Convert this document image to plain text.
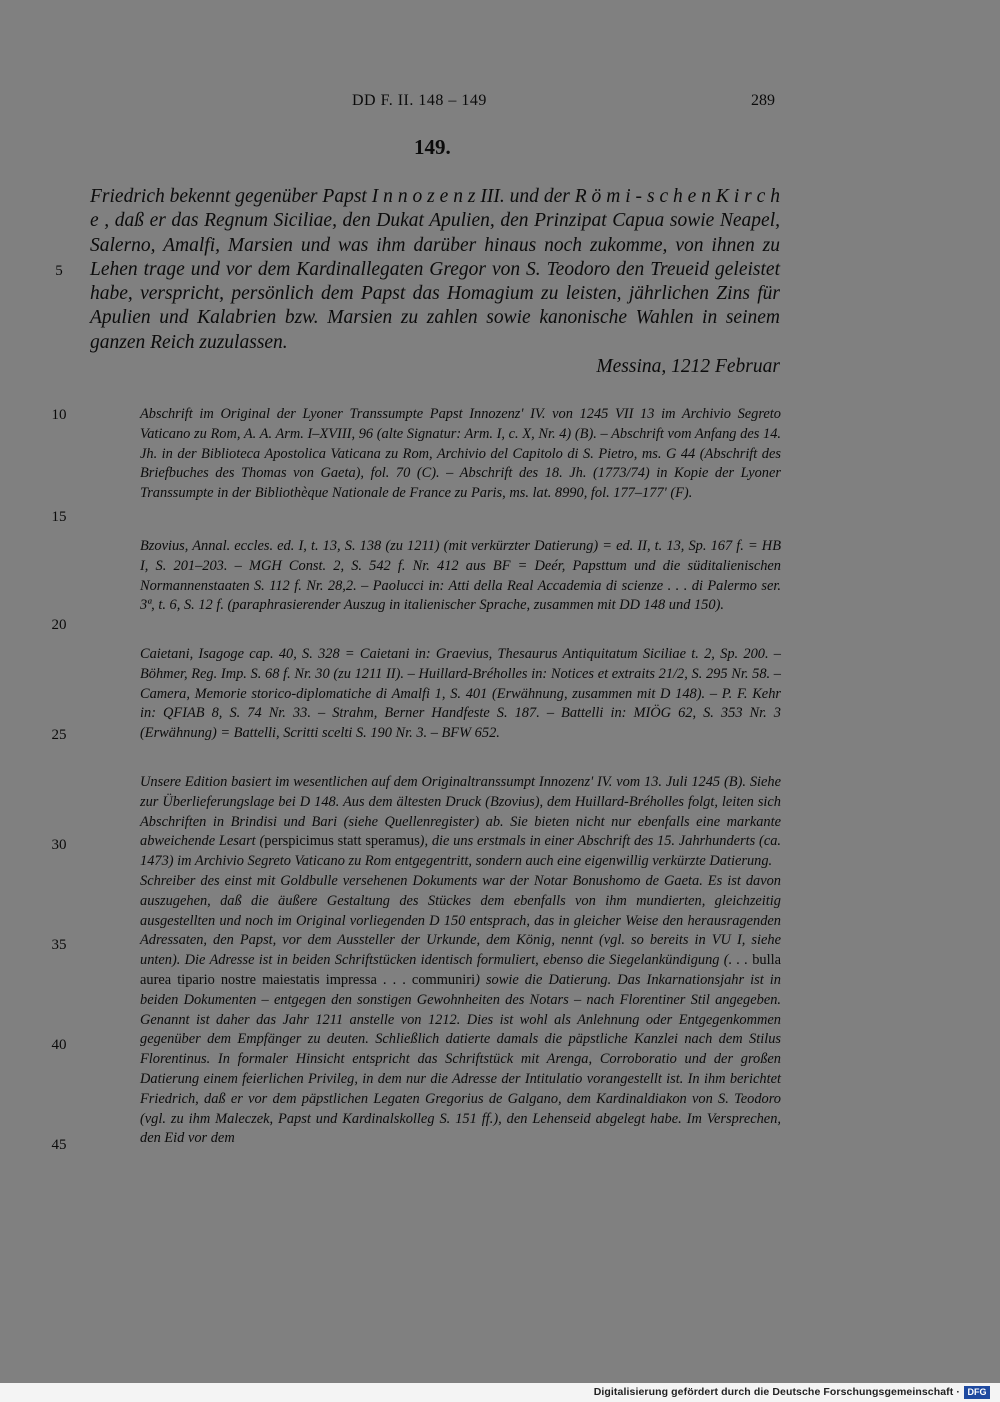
DD F. II. 148 – 149	289
149.
Friedrich bekennt gegenüber Papst I n n o z e n z III. und der R ö m i - s c h e n K i r c h e , daß er das Regnum Siciliae, den Dukat Apulien, den Prinzipat Capua sowie Neapel, Salerno, Amalfi, Marsien und was ihm darüber hinaus noch zukomme, von ihnen zu Lehen trage und vor dem Kardinallegaten Gregor von S. Teodoro den Treueid geleistet habe, verspricht, persönlich dem Papst das Homagium zu leisten, jährlichen Zins für Apulien und Kalabrien bzw. Marsien zu zahlen sowie kanonische Wahlen in seinem ganzen Reich zuzulassen.
Messina, 1212 Februar
5
10
15
20
25
30
35
40
45
Abschrift im Original der Lyoner Transsumpte Papst Innozenz' IV. von 1245 VII 13 im Archivio Segreto Vaticano zu Rom, A. A. Arm. I–XVIII, 96 (alte Signatur: Arm. I, c. X, Nr. 4) (B). – Abschrift vom Anfang des 14. Jh. in der Biblioteca Apostolica Vaticana zu Rom, Archivio del Capitolo di S. Pietro, ms. G 44 (Abschrift des Briefbuches des Thomas von Gaeta), fol. 70 (C). – Abschrift des 18. Jh. (1773/74) in Kopie der Lyoner Transsumpte in der Bibliothèque Nationale de France zu Paris, ms. lat. 8990, fol. 177–177' (F).
Bzovius, Annal. eccles. ed. I, t. 13, S. 138 (zu 1211) (mit verkürzter Datierung) = ed. II, t. 13, Sp. 167 f. = HB I, S. 201–203. – MGH Const. 2, S. 542 f. Nr. 412 aus BF = Deér, Papsttum und die süditalienischen Normannenstaaten S. 112 f. Nr. 28,2. – Paolucci in: Atti della Real Accademia di scienze . . . di Palermo ser. 3ª, t. 6, S. 12 f. (paraphrasierender Auszug in italienischer Sprache, zusammen mit DD 148 und 150).
Caietani, Isagoge cap. 40, S. 328 = Caietani in: Graevius, Thesaurus Antiquitatum Siciliae t. 2, Sp. 200. – Böhmer, Reg. Imp. S. 68 f. Nr. 30 (zu 1211 II). – Huillard-Bréholles in: Notices et extraits 21/2, S. 295 Nr. 58. – Camera, Memorie storico-diplomatiche di Amalfi 1, S. 401 (Erwähnung, zusammen mit D 148). – P. F. Kehr in: QFIAB 8, S. 74 Nr. 33. – Strahm, Berner Handfeste S. 187. – Battelli in: MIÖG 62, S. 353 Nr. 3 (Erwähnung) = Battelli, Scritti scelti S. 190 Nr. 3. – BFW 652.
Unsere Edition basiert im wesentlichen auf dem Originaltranssumpt Innozenz' IV. vom 13. Juli 1245 (B). Siehe zur Überlieferungslage bei D 148. Aus dem ältesten Druck (Bzovius), dem Huillard-Bréholles folgt, leiten sich Abschriften in Brindisi und Bari (siehe Quellenregister) ab. Sie bieten nicht nur ebenfalls eine markante abweichende Lesart (perspicimus statt speramus), die uns erstmals in einer Abschrift des 15. Jahrhunderts (ca. 1473) im Archivio Segreto Vaticano zu Rom entgegentritt, sondern auch eine eigenwillig verkürzte Datierung.
Schreiber des einst mit Goldbulle versehenen Dokuments war der Notar Bonushomo de Gaeta. Es ist davon auszugehen, daß die äußere Gestaltung des Stückes dem ebenfalls von ihm mundierten, gleichzeitig ausgestellten und noch im Original vorliegenden D 150 entsprach, das in gleicher Weise den herausragenden Adressaten, den Papst, vor dem Aussteller der Urkunde, dem König, nennt (vgl. so bereits in VU I, siehe unten). Die Adresse ist in beiden Schriftstücken identisch formuliert, ebenso die Siegelankündigung (. . . bulla aurea tipario nostre maiestatis impressa . . . communiri) sowie die Datierung. Das Inkarnationsjahr ist in beiden Dokumenten – entgegen den sonstigen Gewohnheiten des Notars – nach Florentiner Stil angegeben. Genannt ist daher das Jahr 1211 anstelle von 1212. Dies ist wohl als Anlehnung oder Entgegenkommen gegenüber dem Empfänger zu deuten. Schließlich datierte damals die päpstliche Kanzlei nach dem Stilus Florentinus. In formaler Hinsicht entspricht das Schriftstück mit Arenga, Corroboratio und der großen Datierung einem feierlichen Privileg, in dem nur die Adresse der Intitulatio vorangestellt ist. In ihm berichtet Friedrich, daß er vor dem päpstlichen Legaten Gregorius de Galgano, dem Kardinaldiakon von S. Teodoro (vgl. zu ihm Maleczek, Papst und Kardinalskolleg S. 151 ff.), den Lehenseid abgelegt habe. Im Versprechen, den Eid vor dem
Digitalisierung gefördert durch die Deutsche Forschungsgemeinschaft · DFG
